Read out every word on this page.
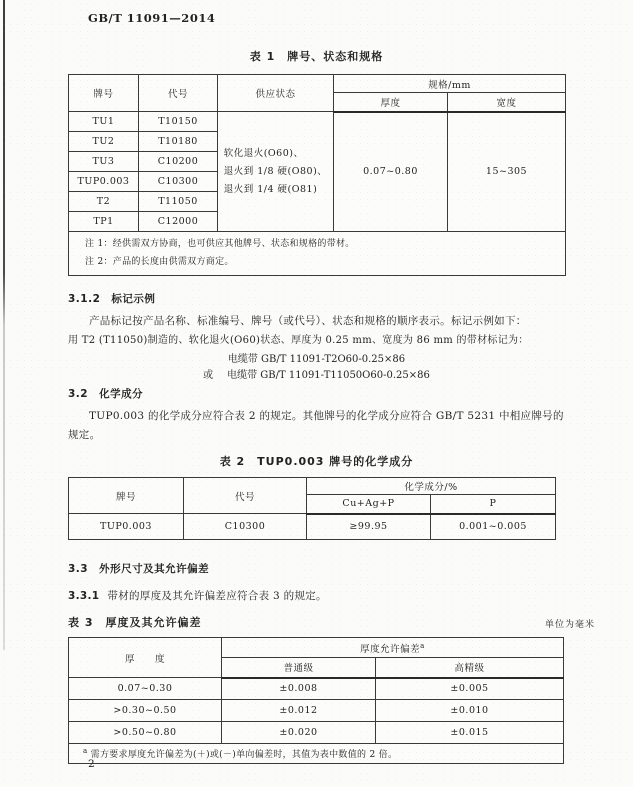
GB/T 11091—2014
表 1　牌号、状态和规格
牌号	代号	供应状态	规格/mm	
			厚度	宽度
TU1	T10150	软化退火(O60)、
退火到 1/8 硬(O80)、
退火到 1/4 硬(O81)	0.07~0.80	15~305
TU2	T10180			
TU3	C10200			
TUP0.003	C10300			
T2	T11050			
TP1	C12000			
注 1：经供需双方协商，也可供应其他牌号、状态和规格的带材。
注 2：产品的长度由供需双方商定。				
3.1.2　标记示例
产品标记按产品名称、标准编号、牌号（或代号）、状态和规格的顺序表示。标记示例如下：
用 T2 (T11050)制造的、软化退火(O60)状态、厚度为 0.25 mm、宽度为 86 mm 的带材标记为：
电缆带 GB/T 11091-T2O60-0.25×86
或 电缆带 GB/T 11091-T11050O60-0.25×86
3.2　化学成分
TUP0.003 的化学成分应符合表 2 的规定。其他牌号的化学成分应符合 GB/T 5231 中相应牌号的
规定。
表 2　TUP0.003 牌号的化学成分
牌号	代号	化学成分/%	
		Cu+Ag+P	P
TUP0.003	C10300	≥99.95	0.001~0.005
3.3　外形尺寸及其允许偏差
3.3.1 带材的厚度及其允许偏差应符合表 3 的规定。
表 3　厚度及其允许偏差	单位为毫米
厚　　度	厚度允许偏差$^a$
	普通级	高精级
0.07~0.30	±0.008	±0.005
>0.30~0.50	±0.012	±0.010
>0.50~0.80	±0.020	±0.015
$^a$ 需方要求厚度允许偏差为(＋)或(－)单向偏差时，其值为表中数值的 2 倍。		
2
